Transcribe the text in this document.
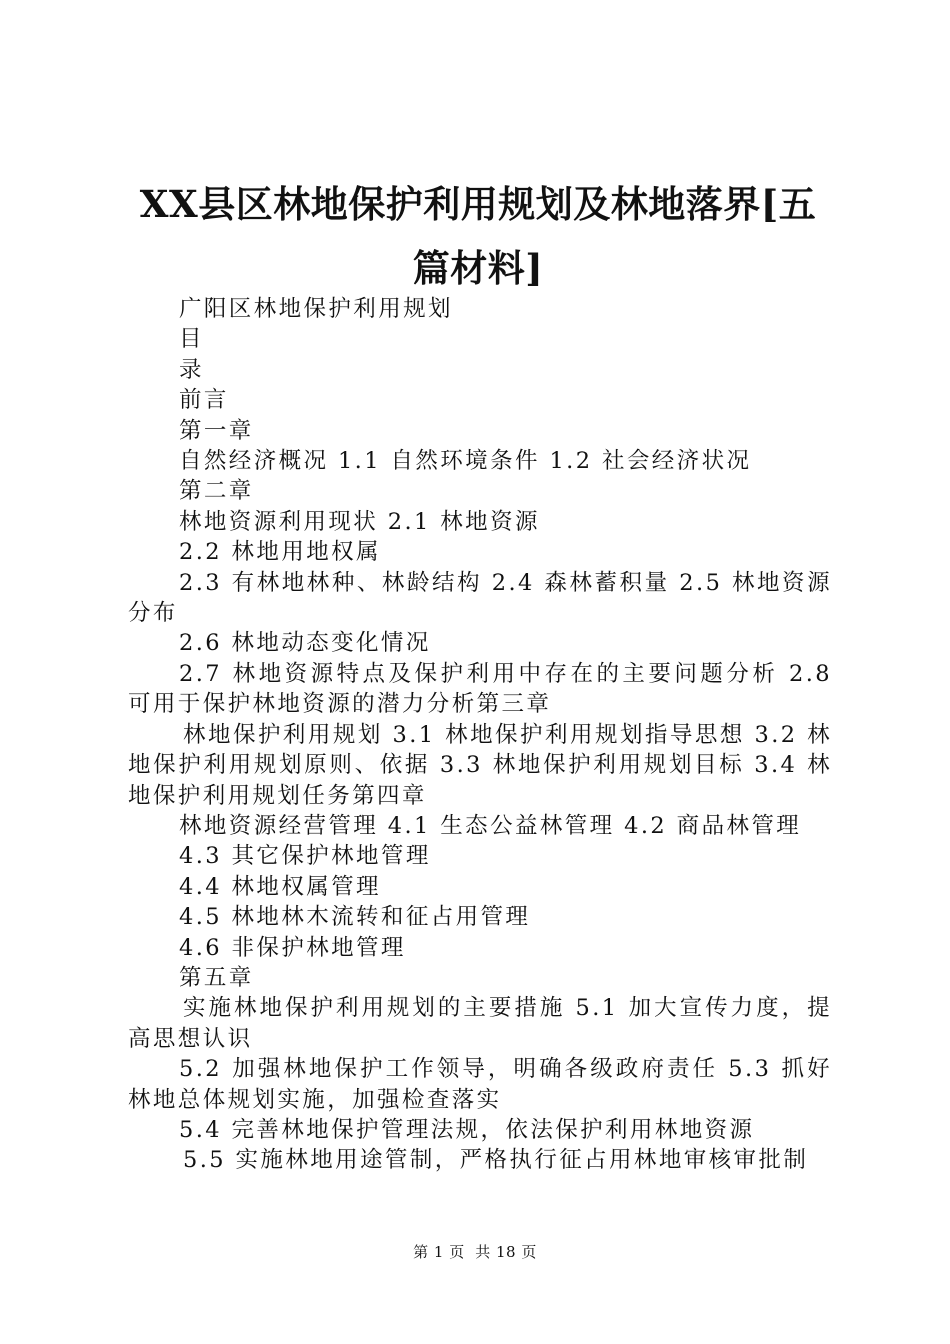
XX县区林地保护利用规划及林地落界[五篇材料]

广阳区林地保护利用规划

目

录

前言

第一章

自然经济概况 1.1 自然环境条件 1.2 社会经济状况

第二章

林地资源利用现状 2.1 林地资源

2.2 林地用地权属

2.3 有林地林种、林龄结构 2.4 森林蓄积量 2.5 林地资源分布

2.6 林地动态变化情况

2.7 林地资源特点及保护利用中存在的主要问题分析 2.8 可用于保护林地资源的潜力分析第三章

林地保护利用规划 3.1 林地保护利用规划指导思想 3.2 林地保护利用规划原则、依据 3.3 林地保护利用规划目标 3.4 林地保护利用规划任务第四章

林地资源经营管理 4.1 生态公益林管理 4.2 商品林管理

4.3 其它保护林地管理

4.4 林地权属管理

4.5 林地林木流转和征占用管理

4.6 非保护林地管理

第五章

实施林地保护利用规划的主要措施 5.1 加大宣传力度，提高思想认识

5.2 加强林地保护工作领导，明确各级政府责任 5.3 抓好林地总体规划实施，加强检查落实

5.4 完善林地保护管理法规，依法保护利用林地资源

5.5 实施林地用途管制，严格执行征占用林地审核审批制

第 1 页  共 18 页
